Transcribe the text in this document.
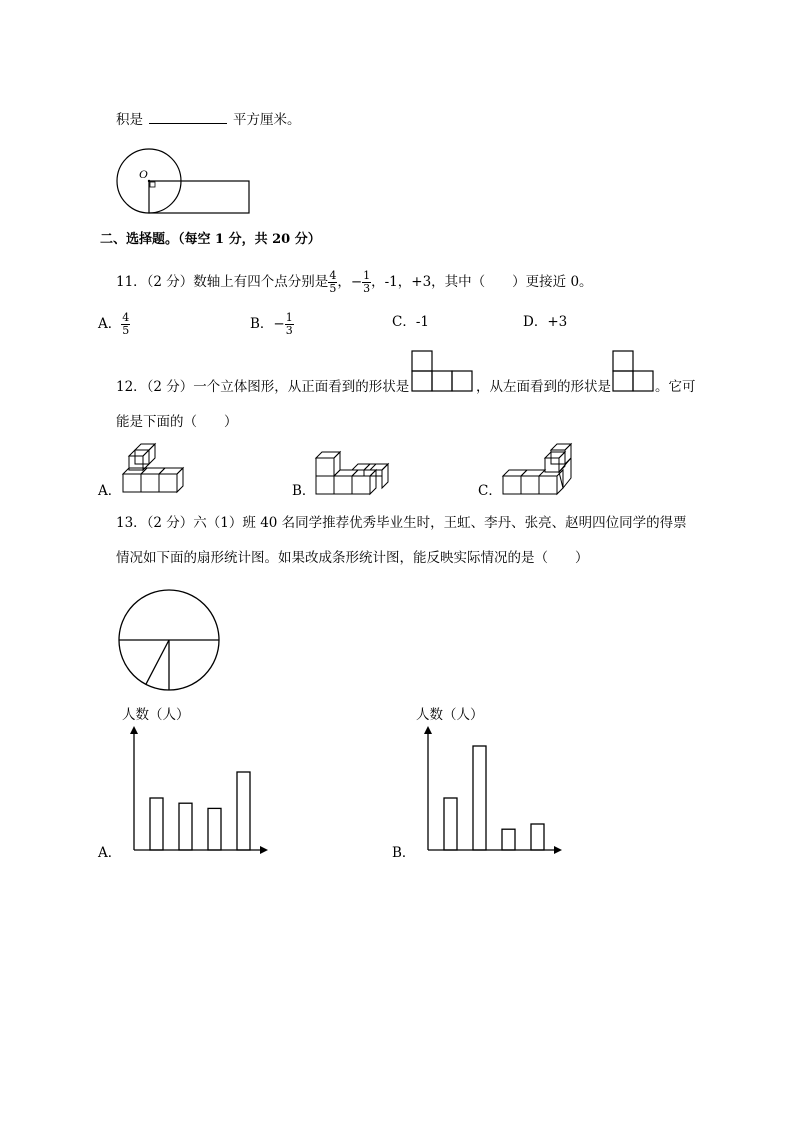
积是	平方厘米。
O
二、选择题。（每空 1 分，共 20 分）
11．（2 分）数轴上有四个点分别是 $\frac{4}{5}$ ，− $\frac{1}{3}$ ，-1，+3，其中（　　）更接近 0。
A． $\frac{4}{5}$	B．− $\frac{1}{3}$	C．-1	D．+3
12．（2 分）一个立体图形，从正面看到的形状是	，从左面看到的形状是	。它可
能是下面的（　　）
A．	B．	C．
13．（2 分）六（1）班 40 名同学推荐优秀毕业生时，王虹、李丹、张亮、赵明四位同学的得票
情况如下面的扇形统计图。如果改成条形统计图，能反映实际情况的是（　　）
A．
人数（人）
B．
人数（人）
